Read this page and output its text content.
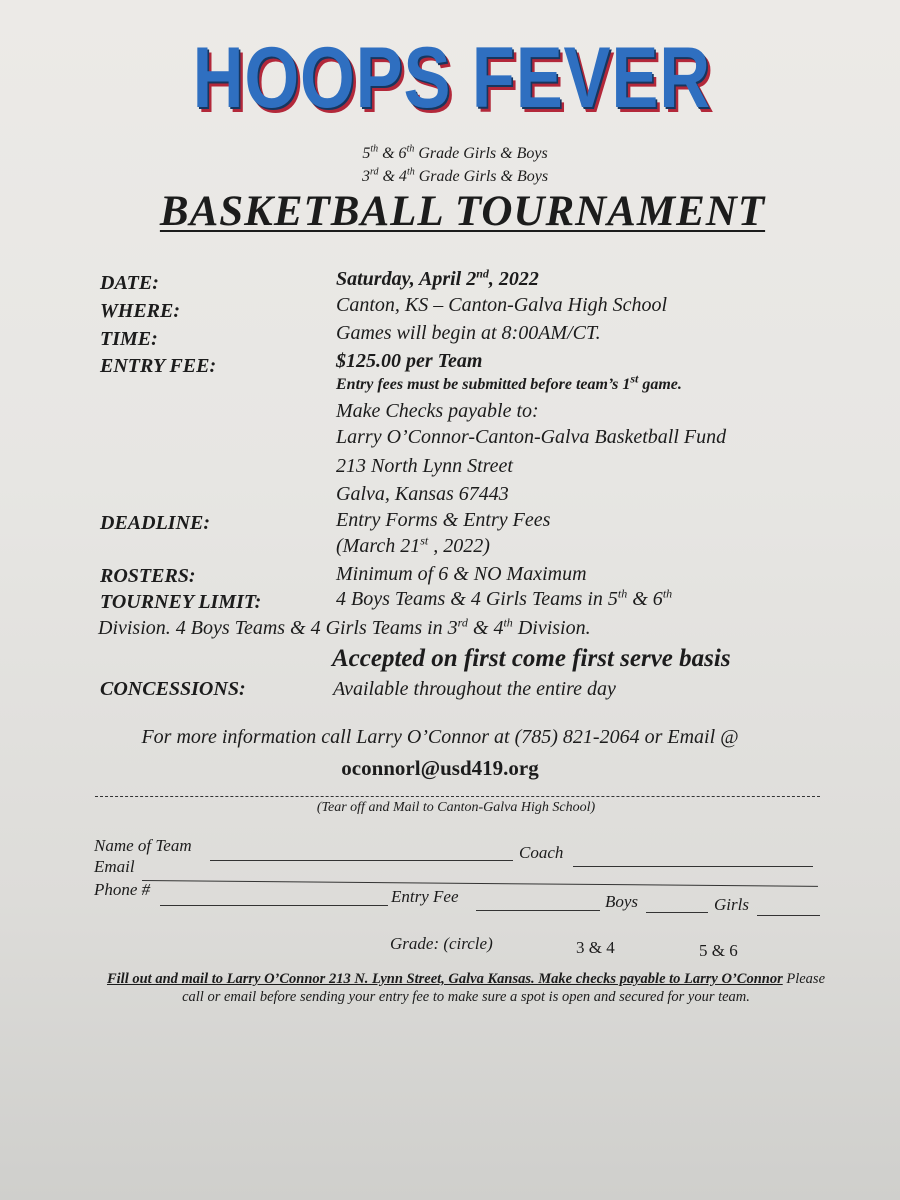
HOOPS FEVER
5th & 6th Grade Girls & Boys
3rd & 4th Grade Girls & Boys
BASKETBALL TOURNAMENT
DATE:	Saturday, April 2nd, 2022
WHERE:	Canton, KS – Canton-Galva High School
TIME:	Games will begin at 8:00AM/CT.
ENTRY FEE:	$125.00 per Team
Entry fees must be submitted before team’s 1st game.
Make Checks payable to:
Larry O’Connor-Canton-Galva Basketball Fund
213 North Lynn Street
Galva, Kansas 67443
DEADLINE:	Entry Forms & Entry Fees
(March 21st , 2022)
ROSTERS:	Minimum of 6 & NO Maximum
TOURNEY LIMIT:	4 Boys Teams & 4 Girls Teams in 5th & 6th
Division. 4 Boys Teams & 4 Girls Teams in 3rd & 4th Division.
Accepted on first come first serve basis
CONCESSIONS:	Available throughout the entire day
For more information call Larry O’Connor at (785) 821-2064 or Email @
oconnorl@usd419.org
(Tear off and Mail to Canton-Galva High School)
Name of Team	Coach
Email
Phone #	Entry Fee	Boys	Girls
Grade: (circle)	3 & 4	5 & 6
Fill out and mail to Larry O’Connor 213 N. Lynn Street, Galva Kansas. Make checks payable to Larry O’Connor Please call or email before sending your entry fee to make sure a spot is open and secured for your team.
